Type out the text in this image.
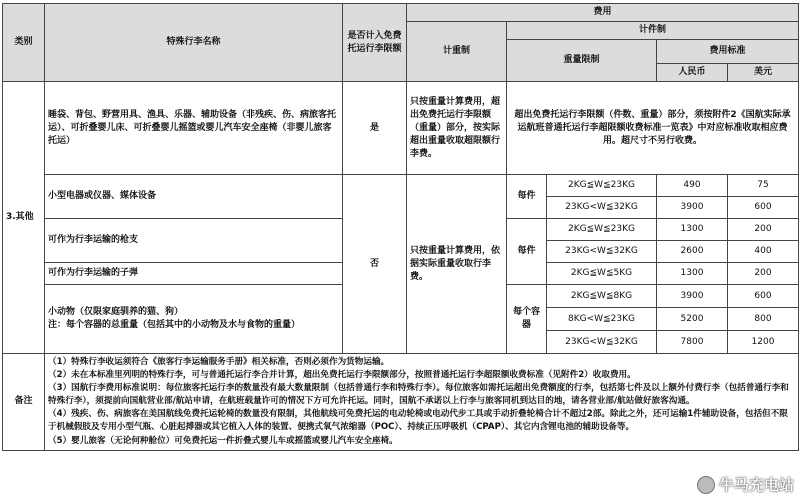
类别	特殊行李名称	是否计入免费托运行李限额	费用				
			计重制	计件制			
				重量限制		费用标准	
						人民币	美元
3.其他	睡袋、背包、野营用具、渔具、乐器、辅助设备（非残疾、伤、病旅客托运）、可折叠婴儿床、可折叠婴儿摇篮或婴儿汽车安全座椅（非婴儿旅客托运）	是	只按重量计算费用，超出免费托运行李限额（重量）部分，按实际超出重量收取超限额行李费。	超出免费托运行李限额（件数、重量）部分，须按附件2《国航实际承运航班普通托运行李超限额收费标准一览表》中对应标准收取相应费用。超尺寸不另行收费。			
	小型电器或仪器、媒体设备	否	只按重量计算费用，依据实际重量收取行李费。	每件	2KG≦W≦23KG	490	75
					23KG<W≦32KG	3900	600
	可作为行李运输的枪支			每件	2KG≦W≦23KG	1300	200
					23KG<W≦32KG	2600	400
	可作为行李运输的子弹				2KG≦W≦5KG	1300	200
	小动物（仅限家庭驯养的猫、狗）
注：每个容器的总重量（包括其中的小动物及水与食物的重量）			每个容器	2KG≦W≦8KG	3900	600

					8KG<W≦23KG	5200	800

					23KG<W≦32KG	7800	1200

备注	（1）特殊行李收运须符合《旅客行李运输服务手册》相关标准，否则必须作为货物运输。

（2）未在本标准里列明的特殊行李，可与普通托运行李合并计算，超出免费托运行李限额部分，按照普通托运行李超限额收费标准（见附件2）收取费用。

（3）国航行李费用标准说明：每位旅客托运行李的数量没有最大数量限制（包括普通行李和特殊行李）。每位旅客如需托运超出免费额度的行李，包括第七件及以上额外付费行李（包括普通行李和特殊行李），须提前向国航营业部/航站申请，在航班载量许可的情况下方可允许托运。同时，国航不承诺以上行李与旅客同机到达目的地，请各营业部/航站做好旅客沟通。

（4）残疾、伤、病旅客在美国航线免费托运轮椅的数量没有限制，其他航线可免费托运的电动轮椅或电动代步工具或手动折叠轮椅合计不超过2部。除此之外，还可运输1件辅助设备，包括但不限于机械假肢及专用小型气瓶、心脏起搏器或其它植入人体的装置、便携式氧气浓缩器（POC）、持续正压呼吸机（CPAP）、其它内含锂电池的辅助设备等。

（5）婴儿旅客（无论何种舱位）可免费托运一件折叠式婴儿车或摇篮或婴儿汽车安全座椅。						

牛马充电站
